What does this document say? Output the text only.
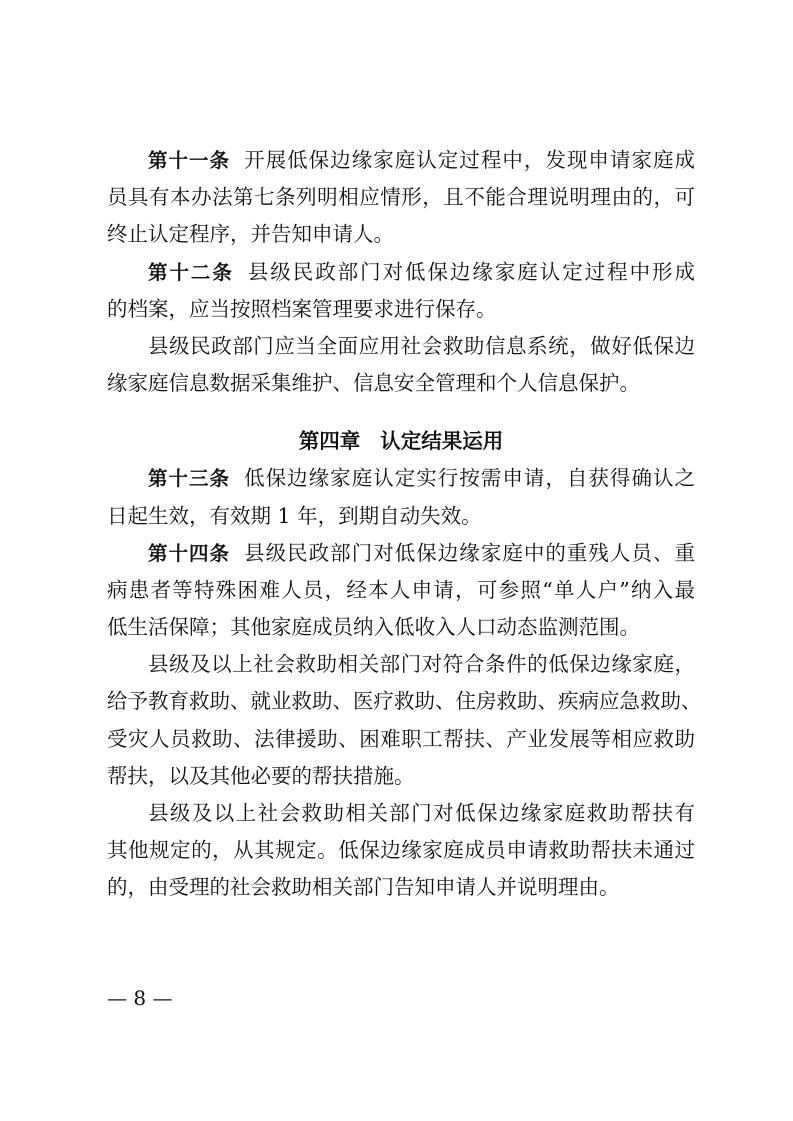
第十一条 开展低保边缘家庭认定过程中，发现申请家庭成
员具有本办法第七条列明相应情形，且不能合理说明理由的，可
终止认定程序，并告知申请人。
第十二条 县级民政部门对低保边缘家庭认定过程中形成
的档案，应当按照档案管理要求进行保存。
县级民政部门应当全面应用社会救助信息系统，做好低保边
缘家庭信息数据采集维护、信息安全管理和个人信息保护。
第四章 认定结果运用
第十三条 低保边缘家庭认定实行按需申请，自获得确认之
日起生效，有效期 1 年，到期自动失效。
第十四条 县级民政部门对低保边缘家庭中的重残人员、重
病患者等特殊困难人员，经本人申请，可参照“单人户”纳入最
低生活保障；其他家庭成员纳入低收入人口动态监测范围。
县级及以上社会救助相关部门对符合条件的低保边缘家庭，
给予教育救助、就业救助、医疗救助、住房救助、疾病应急救助、
受灾人员救助、法律援助、困难职工帮扶、产业发展等相应救助
帮扶，以及其他必要的帮扶措施。
县级及以上社会救助相关部门对低保边缘家庭救助帮扶有
其他规定的，从其规定。低保边缘家庭成员申请救助帮扶未通过
的，由受理的社会救助相关部门告知申请人并说明理由。
— 8 —
